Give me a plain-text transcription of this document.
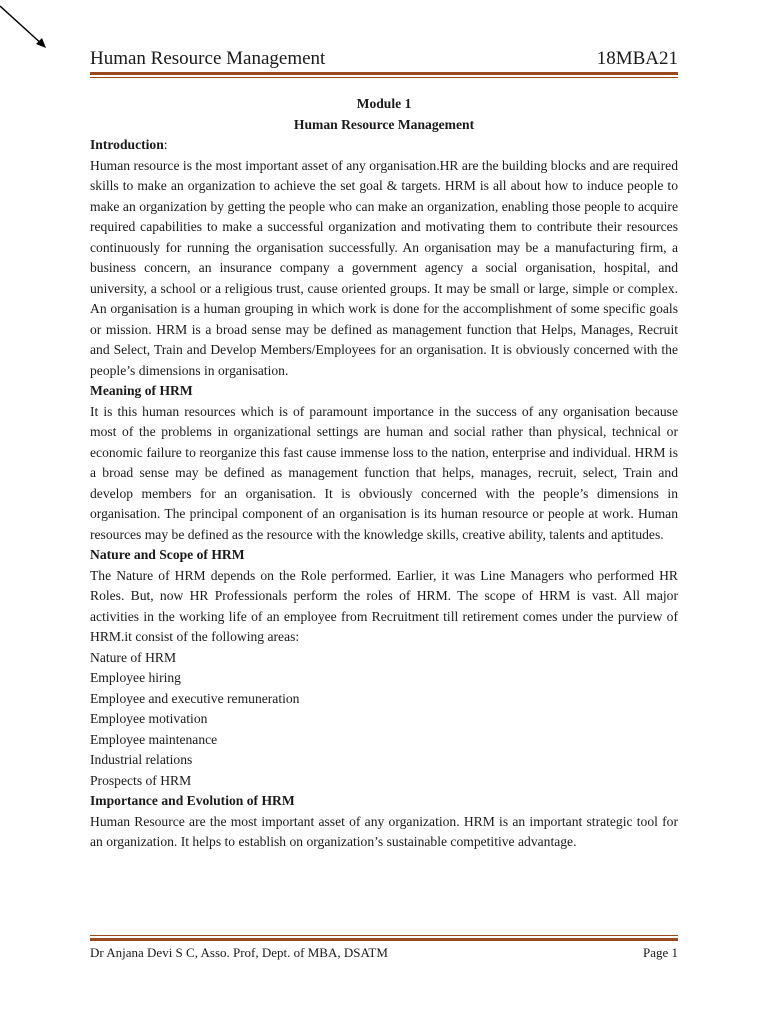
Human Resource Management	18MBA21
Module 1
Human Resource Management
Introduction:

Human resource is the most important asset of any organisation.HR are the building blocks and are required skills to make an organization to achieve the set goal & targets. HRM is all about how to induce people to make an organization by getting the people who can make an organization, enabling those people to acquire required capabilities to make a successful organization and motivating them to contribute their resources continuously for running the organisation successfully. An organisation may be a manufacturing firm, a business concern, an insurance company a government agency a social organisation, hospital, and university, a school or a religious trust, cause oriented groups. It may be small or large, simple or complex. An organisation is a human grouping in which work is done for the accomplishment of some specific goals or mission. HRM is a broad sense may be defined as management function that Helps, Manages, Recruit and Select, Train and Develop Members/Employees for an organisation. It is obviously concerned with the people’s dimensions in organisation.

Meaning of HRM

It is this human resources which is of paramount importance in the success of any organisation because most of the problems in organizational settings are human and social rather than physical, technical or economic failure to reorganize this fast cause immense loss to the nation, enterprise and individual. HRM is a broad sense may be defined as management function that helps, manages, recruit, select, Train and develop members for an organisation. It is obviously concerned with the people’s dimensions in organisation. The principal component of an organisation is its human resource or people at work. Human resources may be defined as the resource with the knowledge skills, creative ability, talents and aptitudes.

Nature and Scope of HRM

The Nature of HRM depends on the Role performed. Earlier, it was Line Managers who performed HR Roles. But, now HR Professionals perform the roles of HRM. The scope of HRM is vast. All major activities in the working life of an employee from Recruitment till retirement comes under the purview of HRM.it consist of the following areas:

Nature of HRM
Employee hiring
Employee and executive remuneration
Employee motivation
Employee maintenance
Industrial relations
Prospects of HRM
Importance and Evolution of HRM

Human Resource are the most important asset of any organization. HRM is an important strategic tool for an organization. It helps to establish on organization’s sustainable competitive advantage.

Dr Anjana Devi S C, Asso. Prof, Dept. of MBA, DSATM	Page 1
